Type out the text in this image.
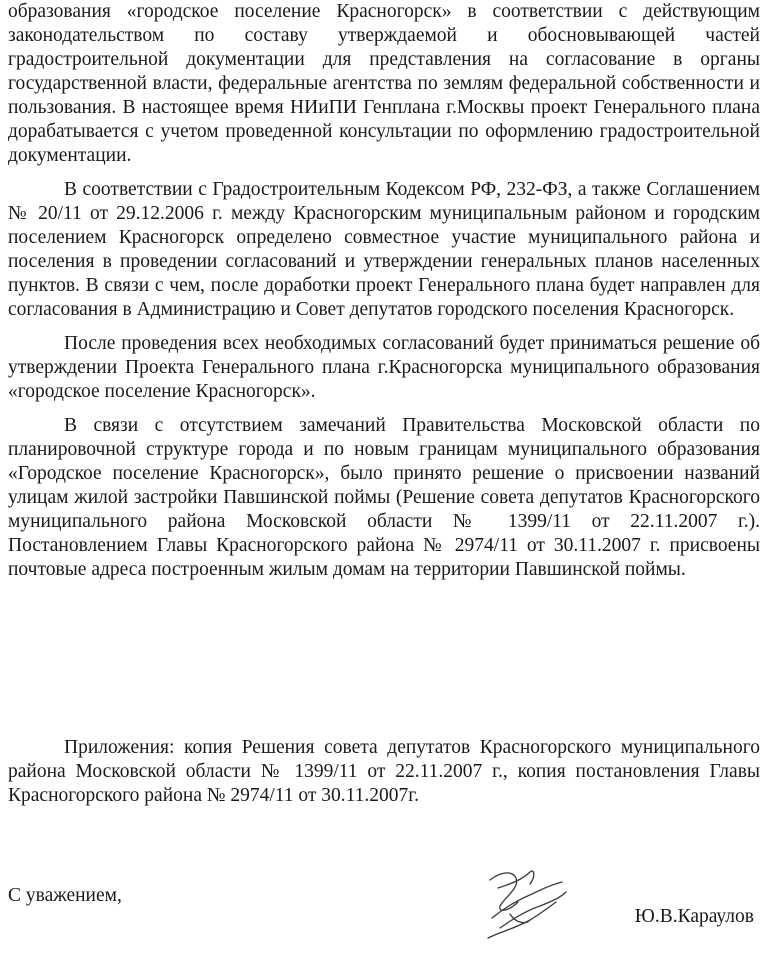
образования «городское поселение Красногорск» в соответствии с действующим законодательством по составу утверждаемой и обосновывающей частей градостроительной документации для представления на согласование в органы государственной власти, федеральные агентства по землям федеральной собственности и пользования. В настоящее время НИиПИ Генплана г.Москвы проект Генерального плана дорабатывается с учетом проведенной консультации по оформлению градостроительной документации.

В соответствии с Градостроительным Кодексом РФ, 232-ФЗ, а также Соглашением № 20/11 от 29.12.2006 г. между Красногорским муниципальным районом и городским поселением Красногорск определено совместное участие муниципального района и поселения в проведении согласований и утверждении генеральных планов населенных пунктов. В связи с чем, после доработки проект Генерального плана будет направлен для согласования в Администрацию и Совет депутатов городского поселения Красногорск.

После проведения всех необходимых согласований будет приниматься решение об утверждении Проекта Генерального плана г.Красногорска муниципального образования «городское поселение Красногорск».

В связи с отсутствием замечаний Правительства Московской области по планировочной структуре города и по новым границам муниципального образования «Городское поселение Красногорск», было принято решение о присвоении названий улицам жилой застройки Павшинской поймы (Решение совета депутатов Красногорского муниципального района Московской области № 1399/11 от 22.11.2007 г.). Постановлением Главы Красногорского района № 2974/11 от 30.11.2007 г. присвоены почтовые адреса построенным жилым домам на территории Павшинской поймы.

Приложения: копия Решения совета депутатов Красногорского муниципального района Московской области № 1399/11 от 22.11.2007 г., копия постановления Главы Красногорского района № 2974/11 от 30.11.2007г.

С уважением,
Ю.В.Караулов
